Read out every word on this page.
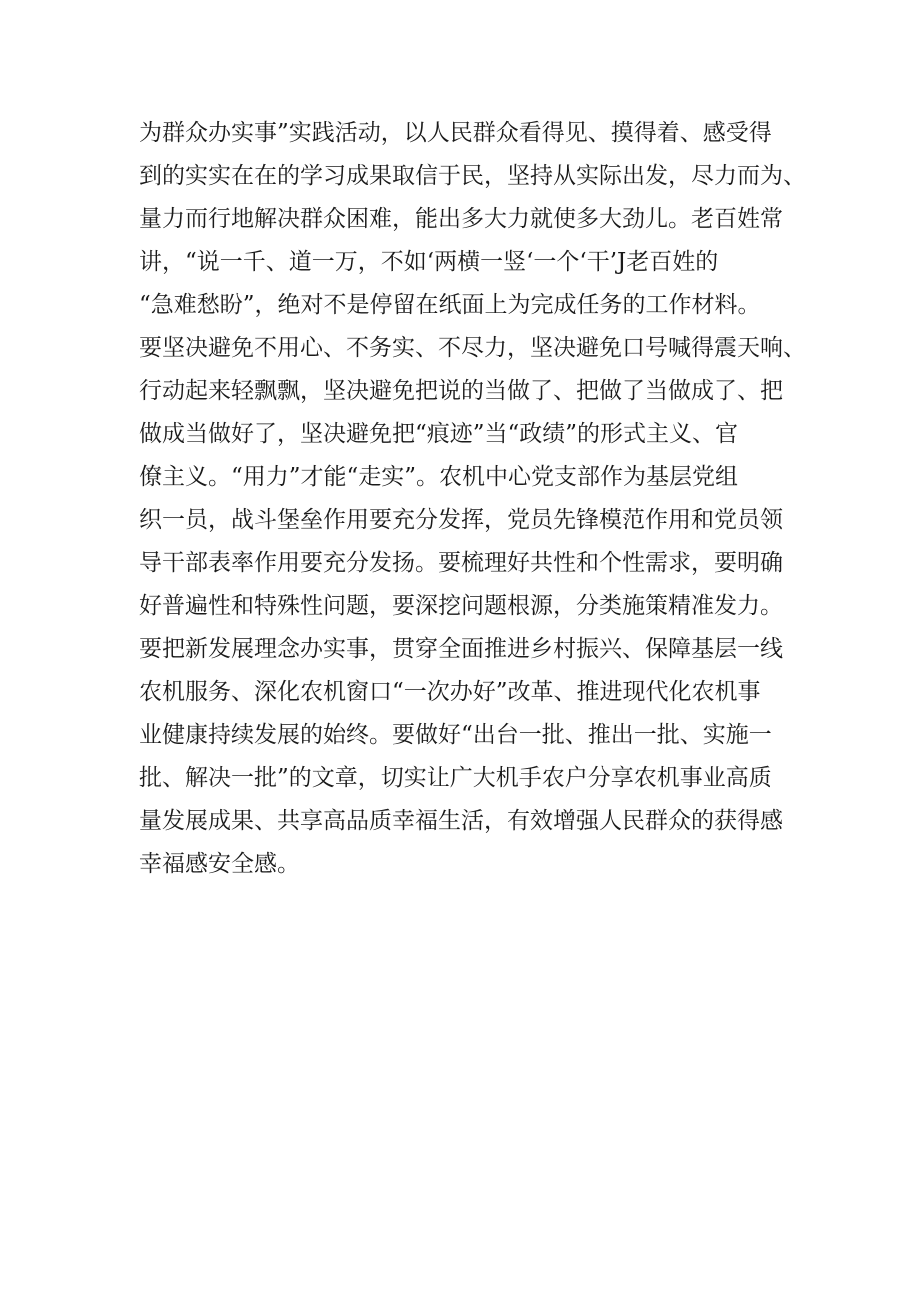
为群众办实事”实践活动，以人民群众看得见、摸得着、感受得
到的实实在在的学习成果取信于民，坚持从实际出发，尽力而为、
量力而行地解决群众困难，能出多大力就使多大劲儿。老百姓常
讲，“说一千、道一万，不如‘两横一竖‘一个‘干’J老百姓的
“急难愁盼”，绝对不是停留在纸面上为完成任务的工作材料。
要坚决避免不用心、不务实、不尽力，坚决避免口号喊得震天响、
行动起来轻飘飘，坚决避免把说的当做了、把做了当做成了、把
做成当做好了，坚决避免把“痕迹”当“政绩”的形式主义、官
僚主义。“用力”才能“走实”。农机中心党支部作为基层党组
织一员，战斗堡垒作用要充分发挥，党员先锋模范作用和党员领
导干部表率作用要充分发扬。要梳理好共性和个性需求，要明确
好普遍性和特殊性问题，要深挖问题根源，分类施策精准发力。
要把新发展理念办实事，贯穿全面推进乡村振兴、保障基层一线
农机服务、深化农机窗口“一次办好”改革、推进现代化农机事
业健康持续发展的始终。要做好“出台一批、推出一批、实施一
批、解决一批”的文章，切实让广大机手农户分享农机事业高质
量发展成果、共享高品质幸福生活，有效增强人民群众的获得感
幸福感安全感。
